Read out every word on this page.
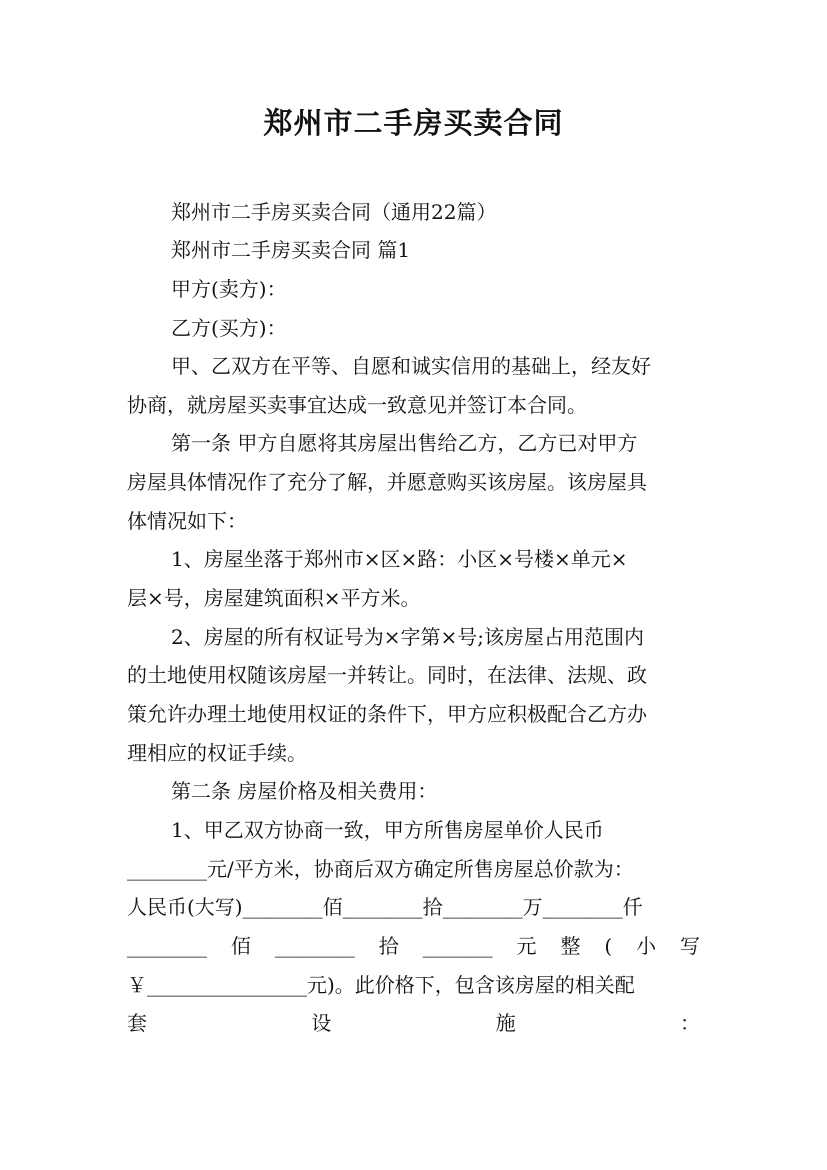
郑州市二手房买卖合同

郑州市二手房买卖合同（通用22篇）

郑州市二手房买卖合同 篇1

甲方(卖方)：

乙方(买方)：

甲、乙双方在平等、自愿和诚实信用的基础上，经友好

协商，就房屋买卖事宜达成一致意见并签订本合同。

第一条 甲方自愿将其房屋出售给乙方，乙方已对甲方

房屋具体情况作了充分了解，并愿意购买该房屋。该房屋具

体情况如下：

1、房屋坐落于郑州市×区×路：小区×号楼×单元×

层×号，房屋建筑面积×平方米。

2、房屋的所有权证号为×字第×号;该房屋占用范围内

的土地使用权随该房屋一并转让。同时，在法律、法规、政

策允许办理土地使用权证的条件下，甲方应积极配合乙方办

理相应的权证手续。

第二条 房屋价格及相关费用：

1、甲乙双方协商一致，甲方所售房屋单价人民币

________元/平方米，协商后双方确定所售房屋总价款为：

人民币(大写)________佰________拾________万________仟

________ 佰 ________ 拾 _______ 元 整 ( 小 写

￥________________元)。此价格下，包含该房屋的相关配

套	设	施	：
